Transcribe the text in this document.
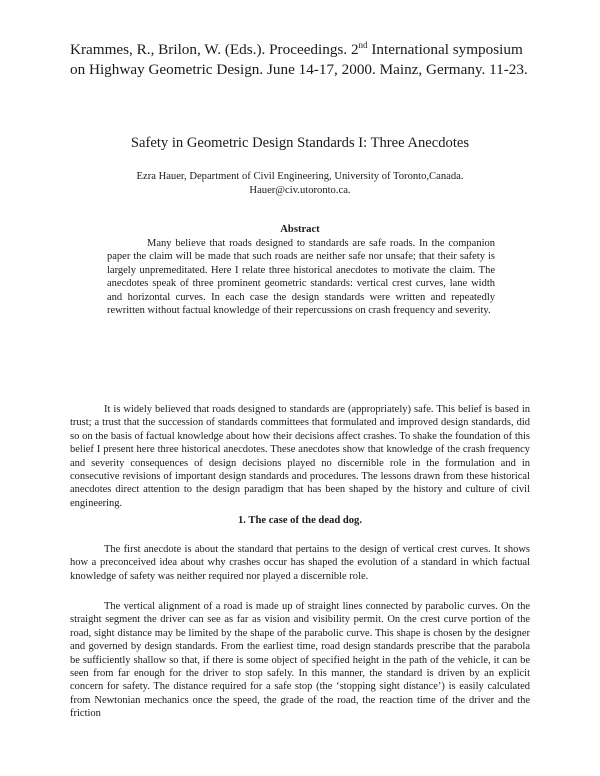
Krammes, R., Brilon, W. (Eds.). Proceedings. 2nd International symposium on Highway Geometric Design. June 14-17, 2000. Mainz, Germany. 11-23.

Safety in Geometric Design Standards I: Three Anecdotes
Ezra Hauer, Department of Civil Engineering, University of Toronto,Canada.
Hauer@civ.utoronto.ca.
Abstract

Many believe that roads designed to standards are safe roads. In the companion paper the claim will be made that such roads are neither safe nor unsafe; that their safety is largely unpremeditated. Here I relate three historical anecdotes to motivate the claim. The anecdotes speak of three prominent geometric standards: vertical crest curves, lane width and horizontal curves. In each case the design standards were written and repeatedly rewritten without factual knowledge of their repercussions on crash frequency and severity.

It is widely believed that roads designed to standards are (appropriately) safe. This belief is based in trust; a trust that the succession of standards committees that formulated and improved design standards, did so on the basis of factual knowledge about how their decisions affect crashes. To shake the foundation of this belief I present here three historical anecdotes. These anecdotes show that knowledge of the crash frequency and severity consequences of design decisions played no discernible role in the formulation and in consecutive revisions of important design standards and procedures. The lessons drawn from these historical anecdotes direct attention to the design paradigm that has been shaped by the history and culture of civil engineering.

1. The case of the dead dog.

The first anecdote is about the standard that pertains to the design of vertical crest curves. It shows how a preconceived idea about why crashes occur has shaped the evolution of a standard in which factual knowledge of safety was neither required nor played a discernible role.

The vertical alignment of a road is made up of straight lines connected by parabolic curves. On the straight segment the driver can see as far as vision and visibility permit. On the crest curve portion of the road, sight distance may be limited by the shape of the parabolic curve. This shape is chosen by the designer and governed by design standards. From the earliest time, road design standards prescribe that the parabola be sufficiently shallow so that, if there is some object of specified height in the path of the vehicle, it can be seen from far enough for the driver to stop safely. In this manner, the standard is driven by an explicit concern for safety. The distance required for a safe stop (the ‘stopping sight distance’) is easily calculated from Newtonian mechanics once the speed, the grade of the road, the reaction time of the driver and the friction
